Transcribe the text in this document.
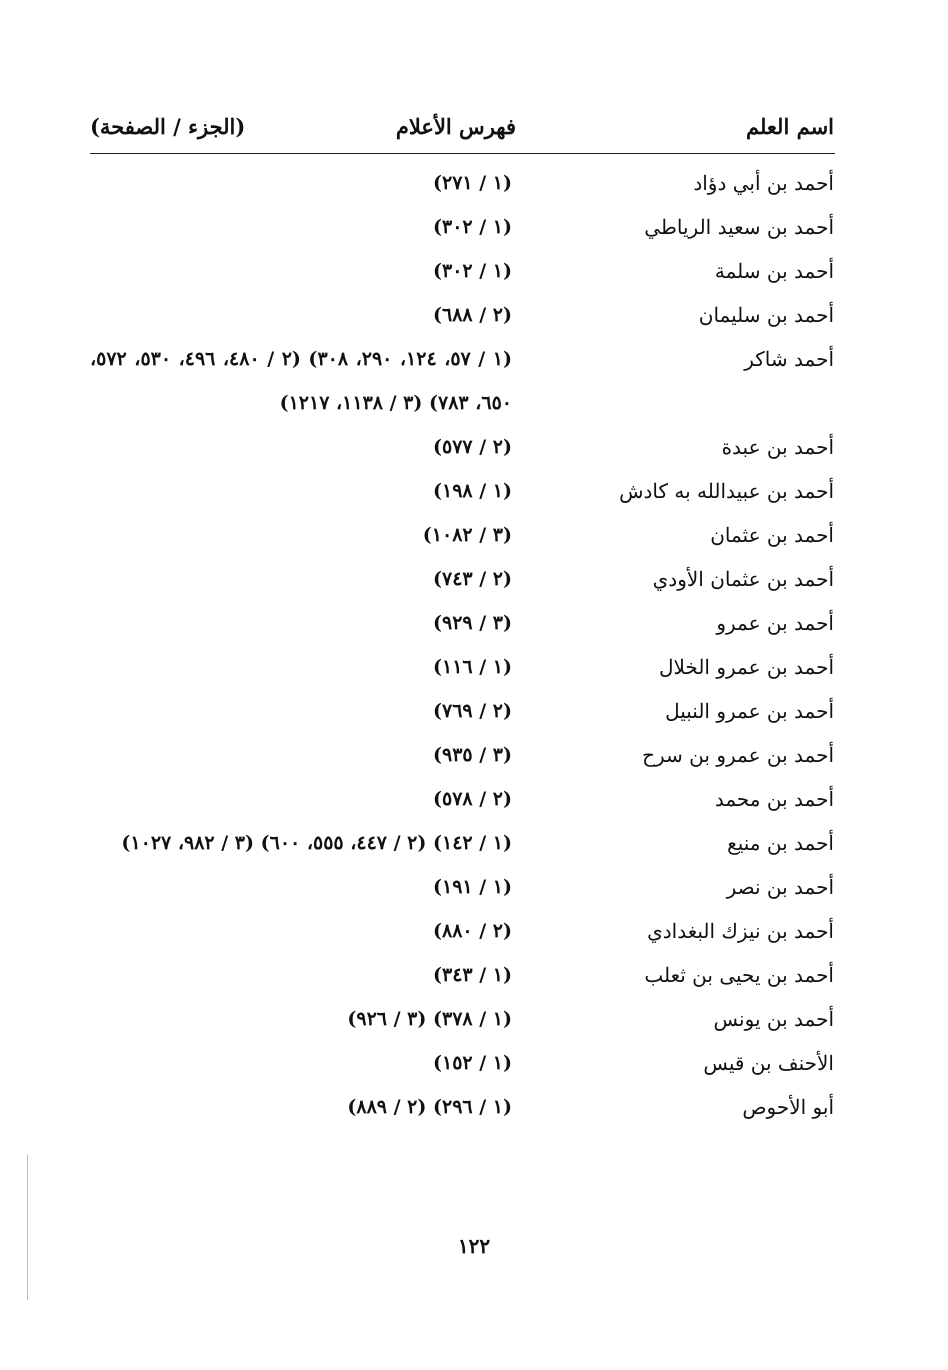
اسم العلم
فهرس الأعلام
(الجزء / الصفحة)
أحمد بن أبي دؤاد
(١ / ٢٧١)
أحمد بن سعيد الرياطي
(١ / ٣٠٢)
أحمد بن سلمة
(١ / ٣٠٢)
أحمد بن سليمان
(٢ / ٦٨٨)
أحمد شاكر
(١ / ٥٧، ١٢٤، ٢٩٠، ٣٠٨) (٢ / ٤٨٠، ٤٩٦، ٥٣٠، ٥٧٢، ٦٥٠، ٧٨٣) (٣ / ١١٣٨، ١٢١٧)
أحمد بن عبدة
(٢ / ٥٧٧)
أحمد بن عبيدالله به كادش
(١ / ١٩٨)
أحمد بن عثمان
(٣ / ١٠٨٢)
أحمد بن عثمان الأودي
(٢ / ٧٤٣)
أحمد بن عمرو
(٣ / ٩٢٩)
أحمد بن عمرو الخلال
(١ / ١١٦)
أحمد بن عمرو النبيل
(٢ / ٧٦٩)
أحمد بن عمرو بن سرح
(٣ / ٩٣٥)
أحمد بن محمد
(٢ / ٥٧٨)
أحمد بن منيع
(١ / ١٤٢) (٢ / ٤٤٧، ٥٥٥، ٦٠٠) (٣ / ٩٨٢، ١٠٢٧)
أحمد بن نصر
(١ / ١٩١)
أحمد بن نيزك البغدادي
(٢ / ٨٨٠)
أحمد بن يحيى بن ثعلب
(١ / ٣٤٣)
أحمد بن يونس
(١ / ٣٧٨) (٣ / ٩٢٦)
الأحنف بن قيس
(١ / ١٥٢)
أبو الأحوص
(١ / ٢٩٦) (٢ / ٨٨٩)
١٢٢
